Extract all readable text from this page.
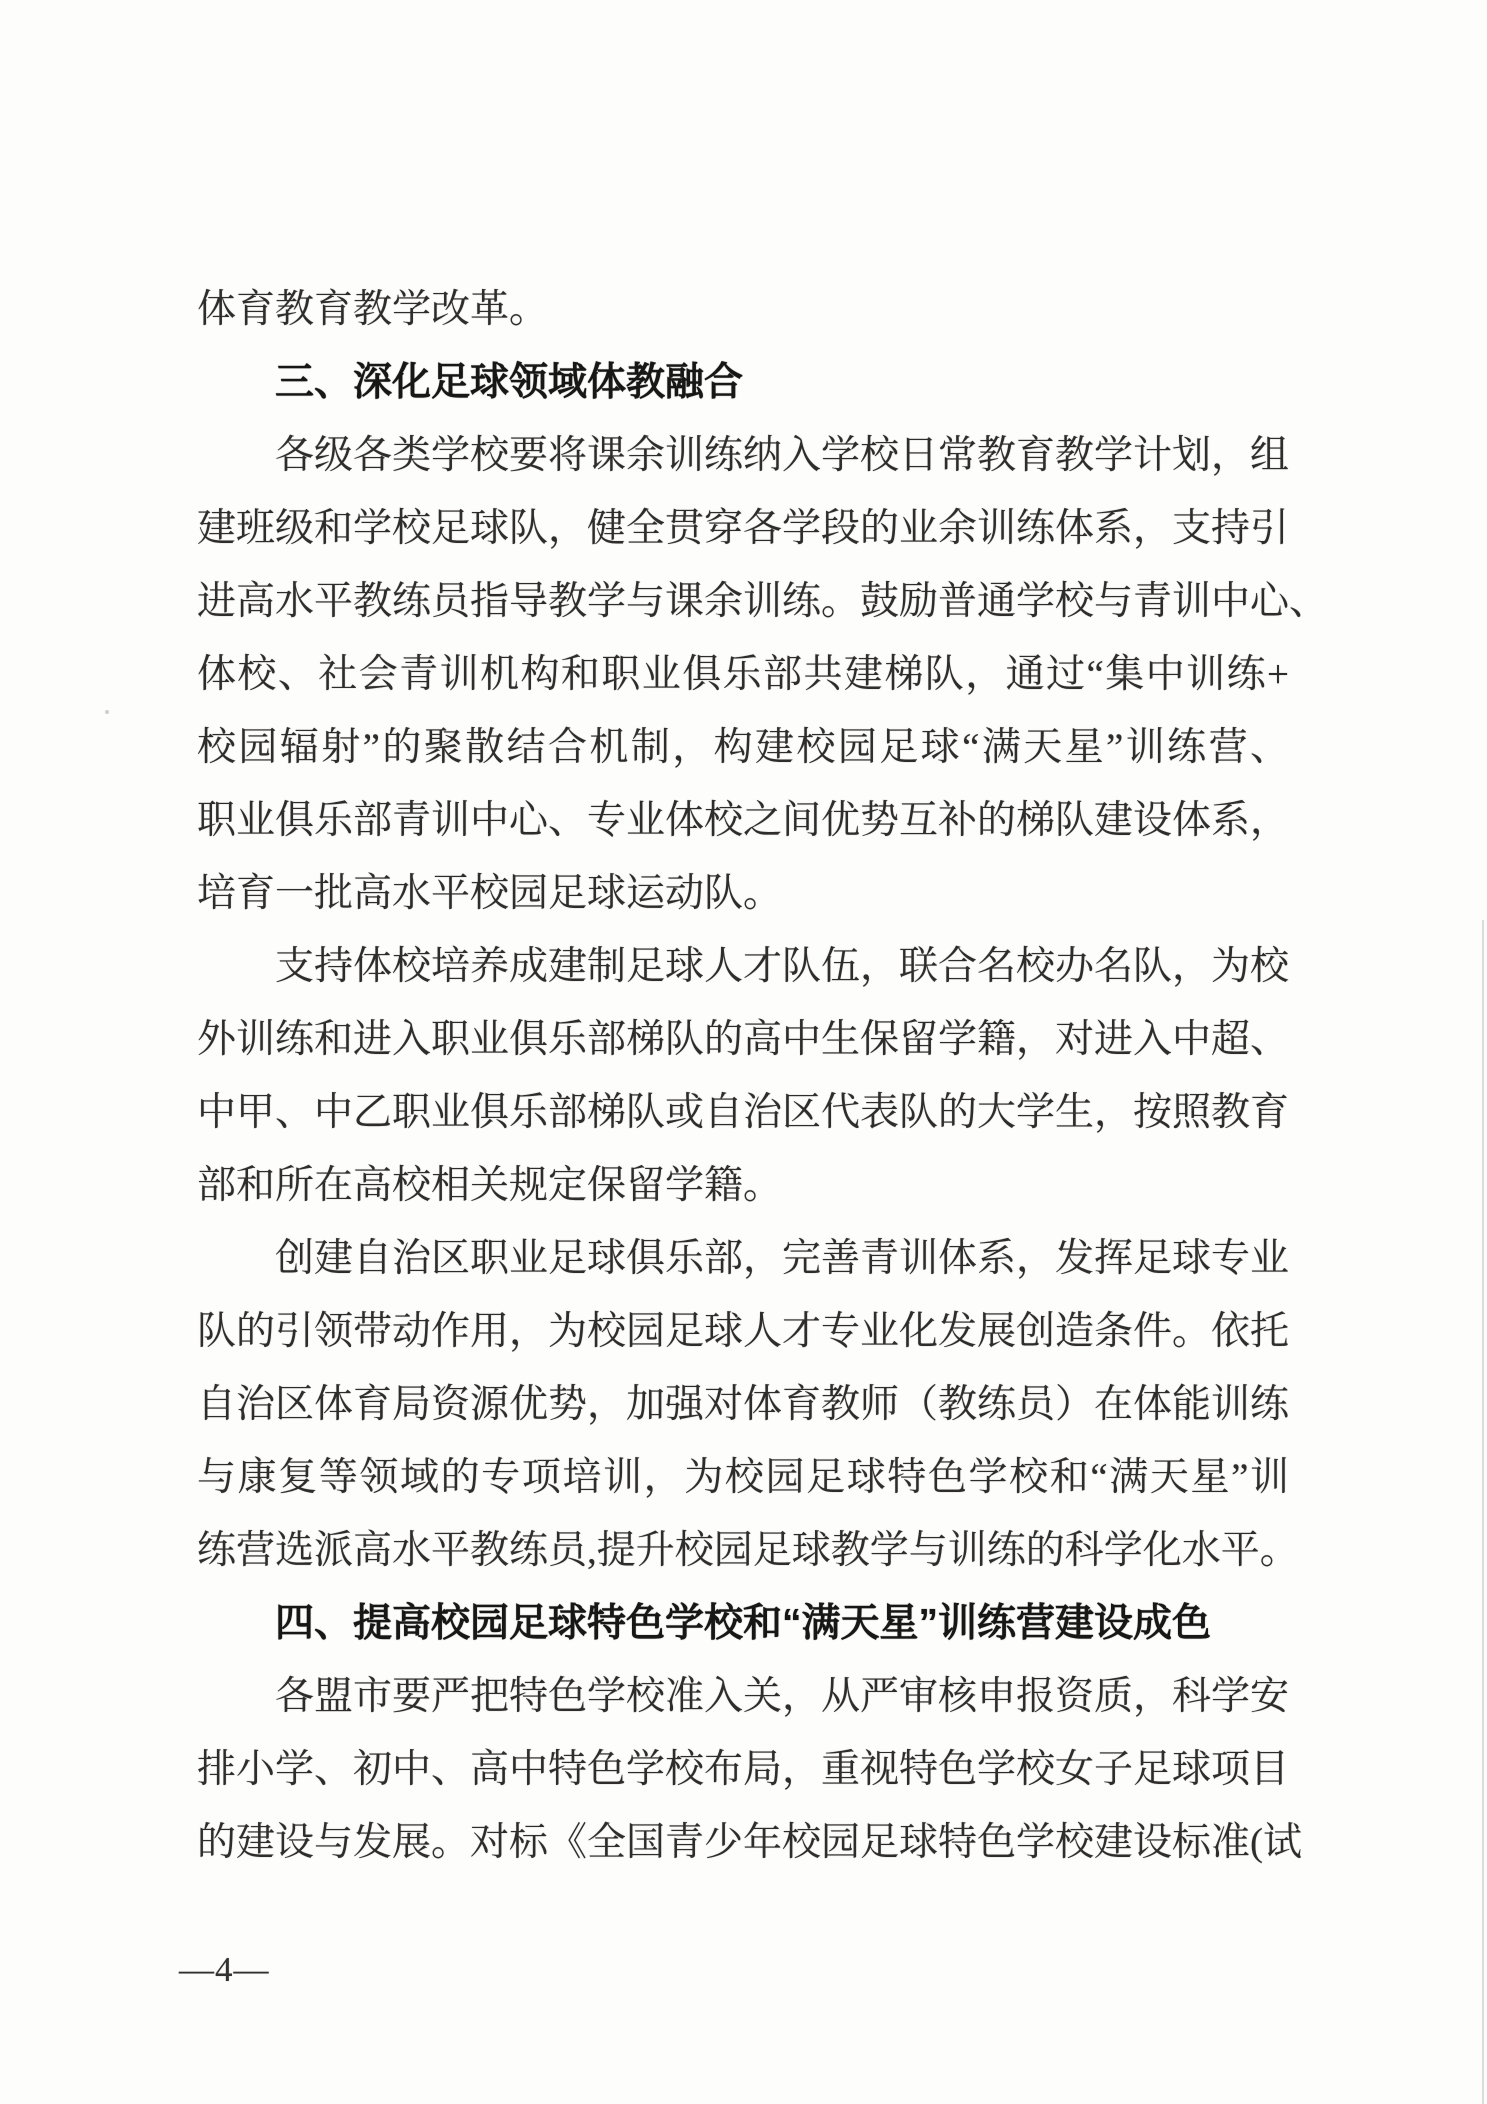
体育教育教学改革。
三、深化足球领域体教融合
各级各类学校要将课余训练纳入学校日常教育教学计划，组
建班级和学校足球队，健全贯穿各学段的业余训练体系，支持引
进高水平教练员指导教学与课余训练。鼓励普通学校与青训中心、
体校、社会青训机构和职业俱乐部共建梯队，通过“集中训练+
校园辐射”的聚散结合机制，构建校园足球“满天星”训练营、
职业俱乐部青训中心、专业体校之间优势互补的梯队建设体系，
培育一批高水平校园足球运动队。
支持体校培养成建制足球人才队伍，联合名校办名队，为校
外训练和进入职业俱乐部梯队的高中生保留学籍，对进入中超、
中甲、中乙职业俱乐部梯队或自治区代表队的大学生，按照教育
部和所在高校相关规定保留学籍。
创建自治区职业足球俱乐部，完善青训体系，发挥足球专业
队的引领带动作用，为校园足球人才专业化发展创造条件。依托
自治区体育局资源优势，加强对体育教师（教练员）在体能训练
与康复等领域的专项培训，为校园足球特色学校和“满天星”训
练营选派高水平教练员,提升校园足球教学与训练的科学化水平。
四、提高校园足球特色学校和“满天星”训练营建设成色
各盟市要严把特色学校准入关，从严审核申报资质，科学安
排小学、初中、高中特色学校布局，重视特色学校女子足球项目
的建设与发展。对标《全国青少年校园足球特色学校建设标准(试
—4—
